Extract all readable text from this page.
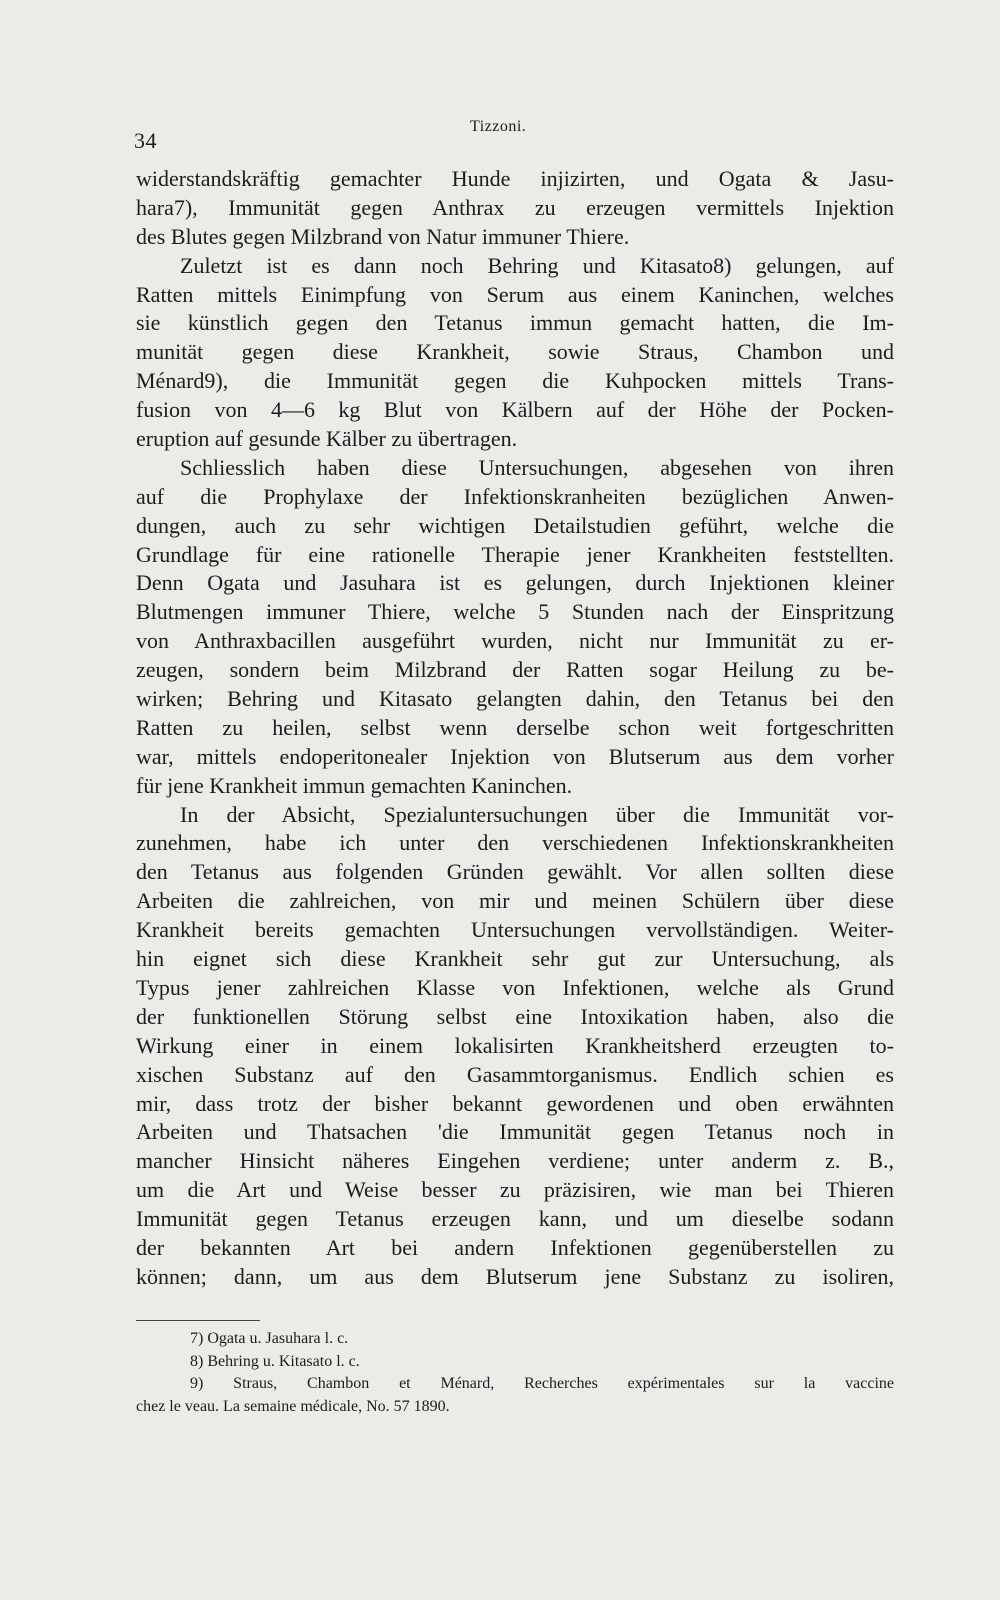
34
Tizzoni.
widerstandskräftig gemachter Hunde injizirten, und Ogata & Jasu-
hara7), Immunität gegen Anthrax zu erzeugen vermittels Injektion
des Blutes gegen Milzbrand von Natur immuner Thiere.
Zuletzt ist es dann noch Behring und Kitasato8) gelungen, auf
Ratten mittels Einimpfung von Serum aus einem Kaninchen, welches
sie künstlich gegen den Tetanus immun gemacht hatten, die Im-
munität gegen diese Krankheit, sowie Straus, Chambon und
Ménard9), die Immunität gegen die Kuhpocken mittels Trans-
fusion von 4—6 kg Blut von Kälbern auf der Höhe der Pocken-
eruption auf gesunde Kälber zu übertragen.
Schliesslich haben diese Untersuchungen, abgesehen von ihren
auf die Prophylaxe der Infektionskranheiten bezüglichen Anwen-
dungen, auch zu sehr wichtigen Detailstudien geführt, welche die
Grundlage für eine rationelle Therapie jener Krankheiten feststellten.
Denn Ogata und Jasuhara ist es gelungen, durch Injektionen kleiner
Blutmengen immuner Thiere, welche 5 Stunden nach der Einspritzung
von Anthraxbacillen ausgeführt wurden, nicht nur Immunität zu er-
zeugen, sondern beim Milzbrand der Ratten sogar Heilung zu be-
wirken; Behring und Kitasato gelangten dahin, den Tetanus bei den
Ratten zu heilen, selbst wenn derselbe schon weit fortgeschritten
war, mittels endoperitonealer Injektion von Blutserum aus dem vorher
für jene Krankheit immun gemachten Kaninchen.
In der Absicht, Spezialuntersuchungen über die Immunität vor-
zunehmen, habe ich unter den verschiedenen Infektionskrankheiten
den Tetanus aus folgenden Gründen gewählt. Vor allen sollten diese
Arbeiten die zahlreichen, von mir und meinen Schülern über diese
Krankheit bereits gemachten Untersuchungen vervollständigen. Weiter-
hin eignet sich diese Krankheit sehr gut zur Untersuchung, als
Typus jener zahlreichen Klasse von Infektionen, welche als Grund
der funktionellen Störung selbst eine Intoxikation haben, also die
Wirkung einer in einem lokalisirten Krankheitsherd erzeugten to-
xischen Substanz auf den Gasammtorganismus. Endlich schien es
mir, dass trotz der bisher bekannt gewordenen und oben erwähnten
Arbeiten und Thatsachen 'die Immunität gegen Tetanus noch in
mancher Hinsicht näheres Eingehen verdiene; unter anderm z. B.,
um die Art und Weise besser zu präzisiren, wie man bei Thieren
Immunität gegen Tetanus erzeugen kann, und um dieselbe sodann
der bekannten Art bei andern Infektionen gegenüberstellen zu
können; dann, um aus dem Blutserum jene Substanz zu isoliren,
7) Ogata u. Jasuhara l. c.
8) Behring u. Kitasato l. c.
9) Straus, Chambon et Ménard, Recherches expérimentales sur la vaccine
chez le veau. La semaine médicale, No. 57 1890.
